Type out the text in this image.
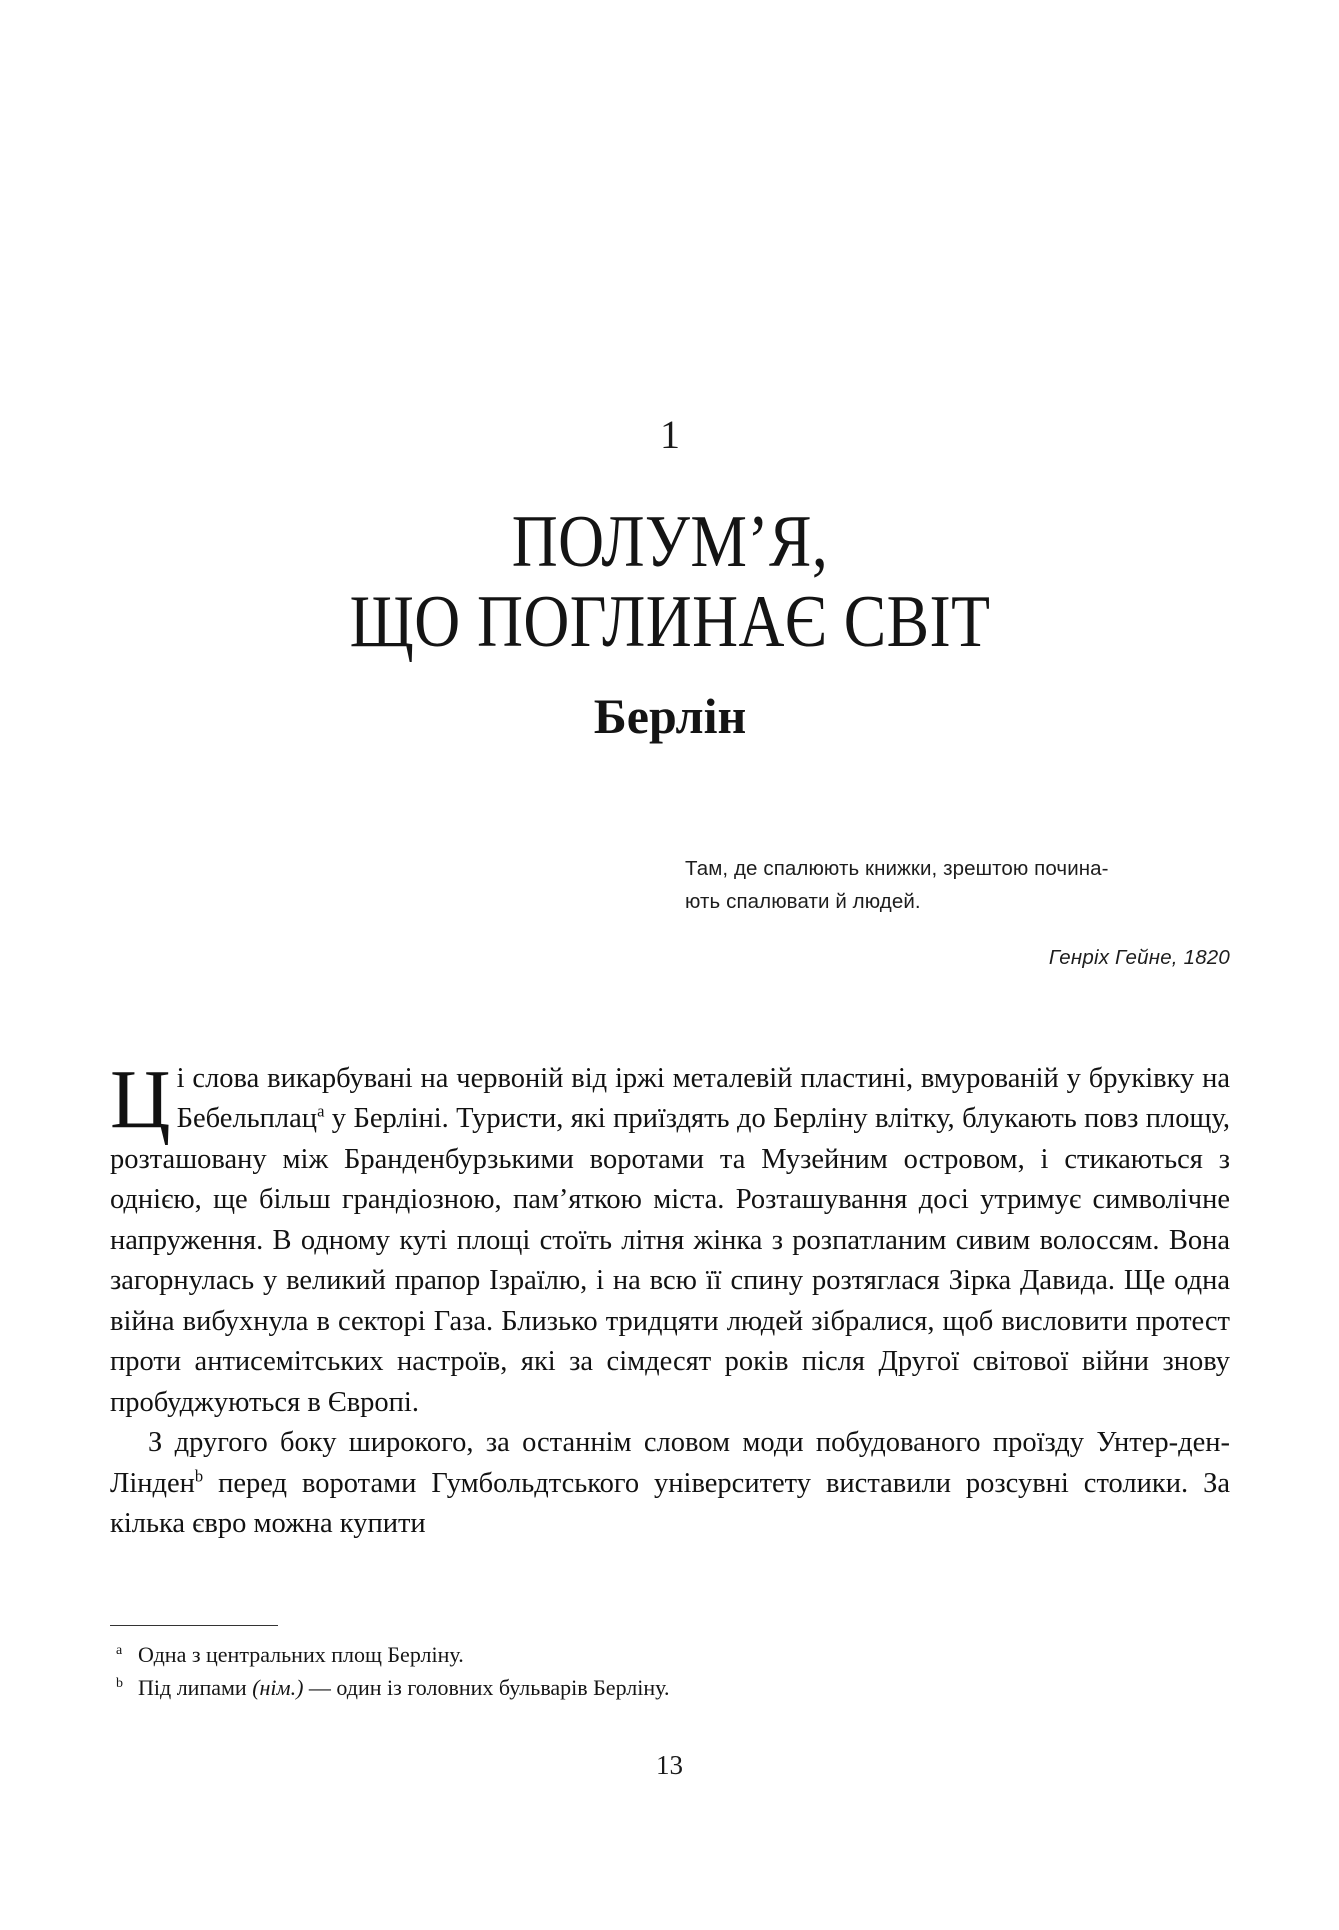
1
ПОЛУМ’Я,
ЩО ПОГЛИНАЄ СВІТ
Берлін
Там, де спалюють книжки, зрештою починa-
ють спалювати й людей.
Генріх Гейне, 1820

Ці слова викарбувані на червоній від іржі металевій пластині, вмурованій у бруківку на Бебельплац$^a$ у Берліні. Туристи, які приїздять до Берліну влітку, блукають повз площу, розташовану між Бранденбурзькими воротами та Музейним островом, і стикаються з однією, ще більш грандіозною, пам’яткою міста. Розташування досі утримує символічне напруження. В одному куті площі стоїть літня жінка з розпатланим сивим волоссям. Вона загорнулась у великий прапор Ізраїлю, і на всю її спину розтяглася Зірка Давида. Ще одна війна вибухнула в секторі Газа. Близько тридцяти людей зібралися, щоб висловити протест проти антисемітських настроїв, які за сімдесят років після Другої світової війни знову пробуджуються в Європі.

З другого боку широкого, за останнім словом моди побудованого проїзду Унтер-ден-Лінден$^b$ перед воротами Гумбольдтського університету виставили розсувні столики. За кілька євро можна купити

a Одна з центральних площ Берліну.
b Під липами (нім.) — один із головних бульварів Берліну.
13
